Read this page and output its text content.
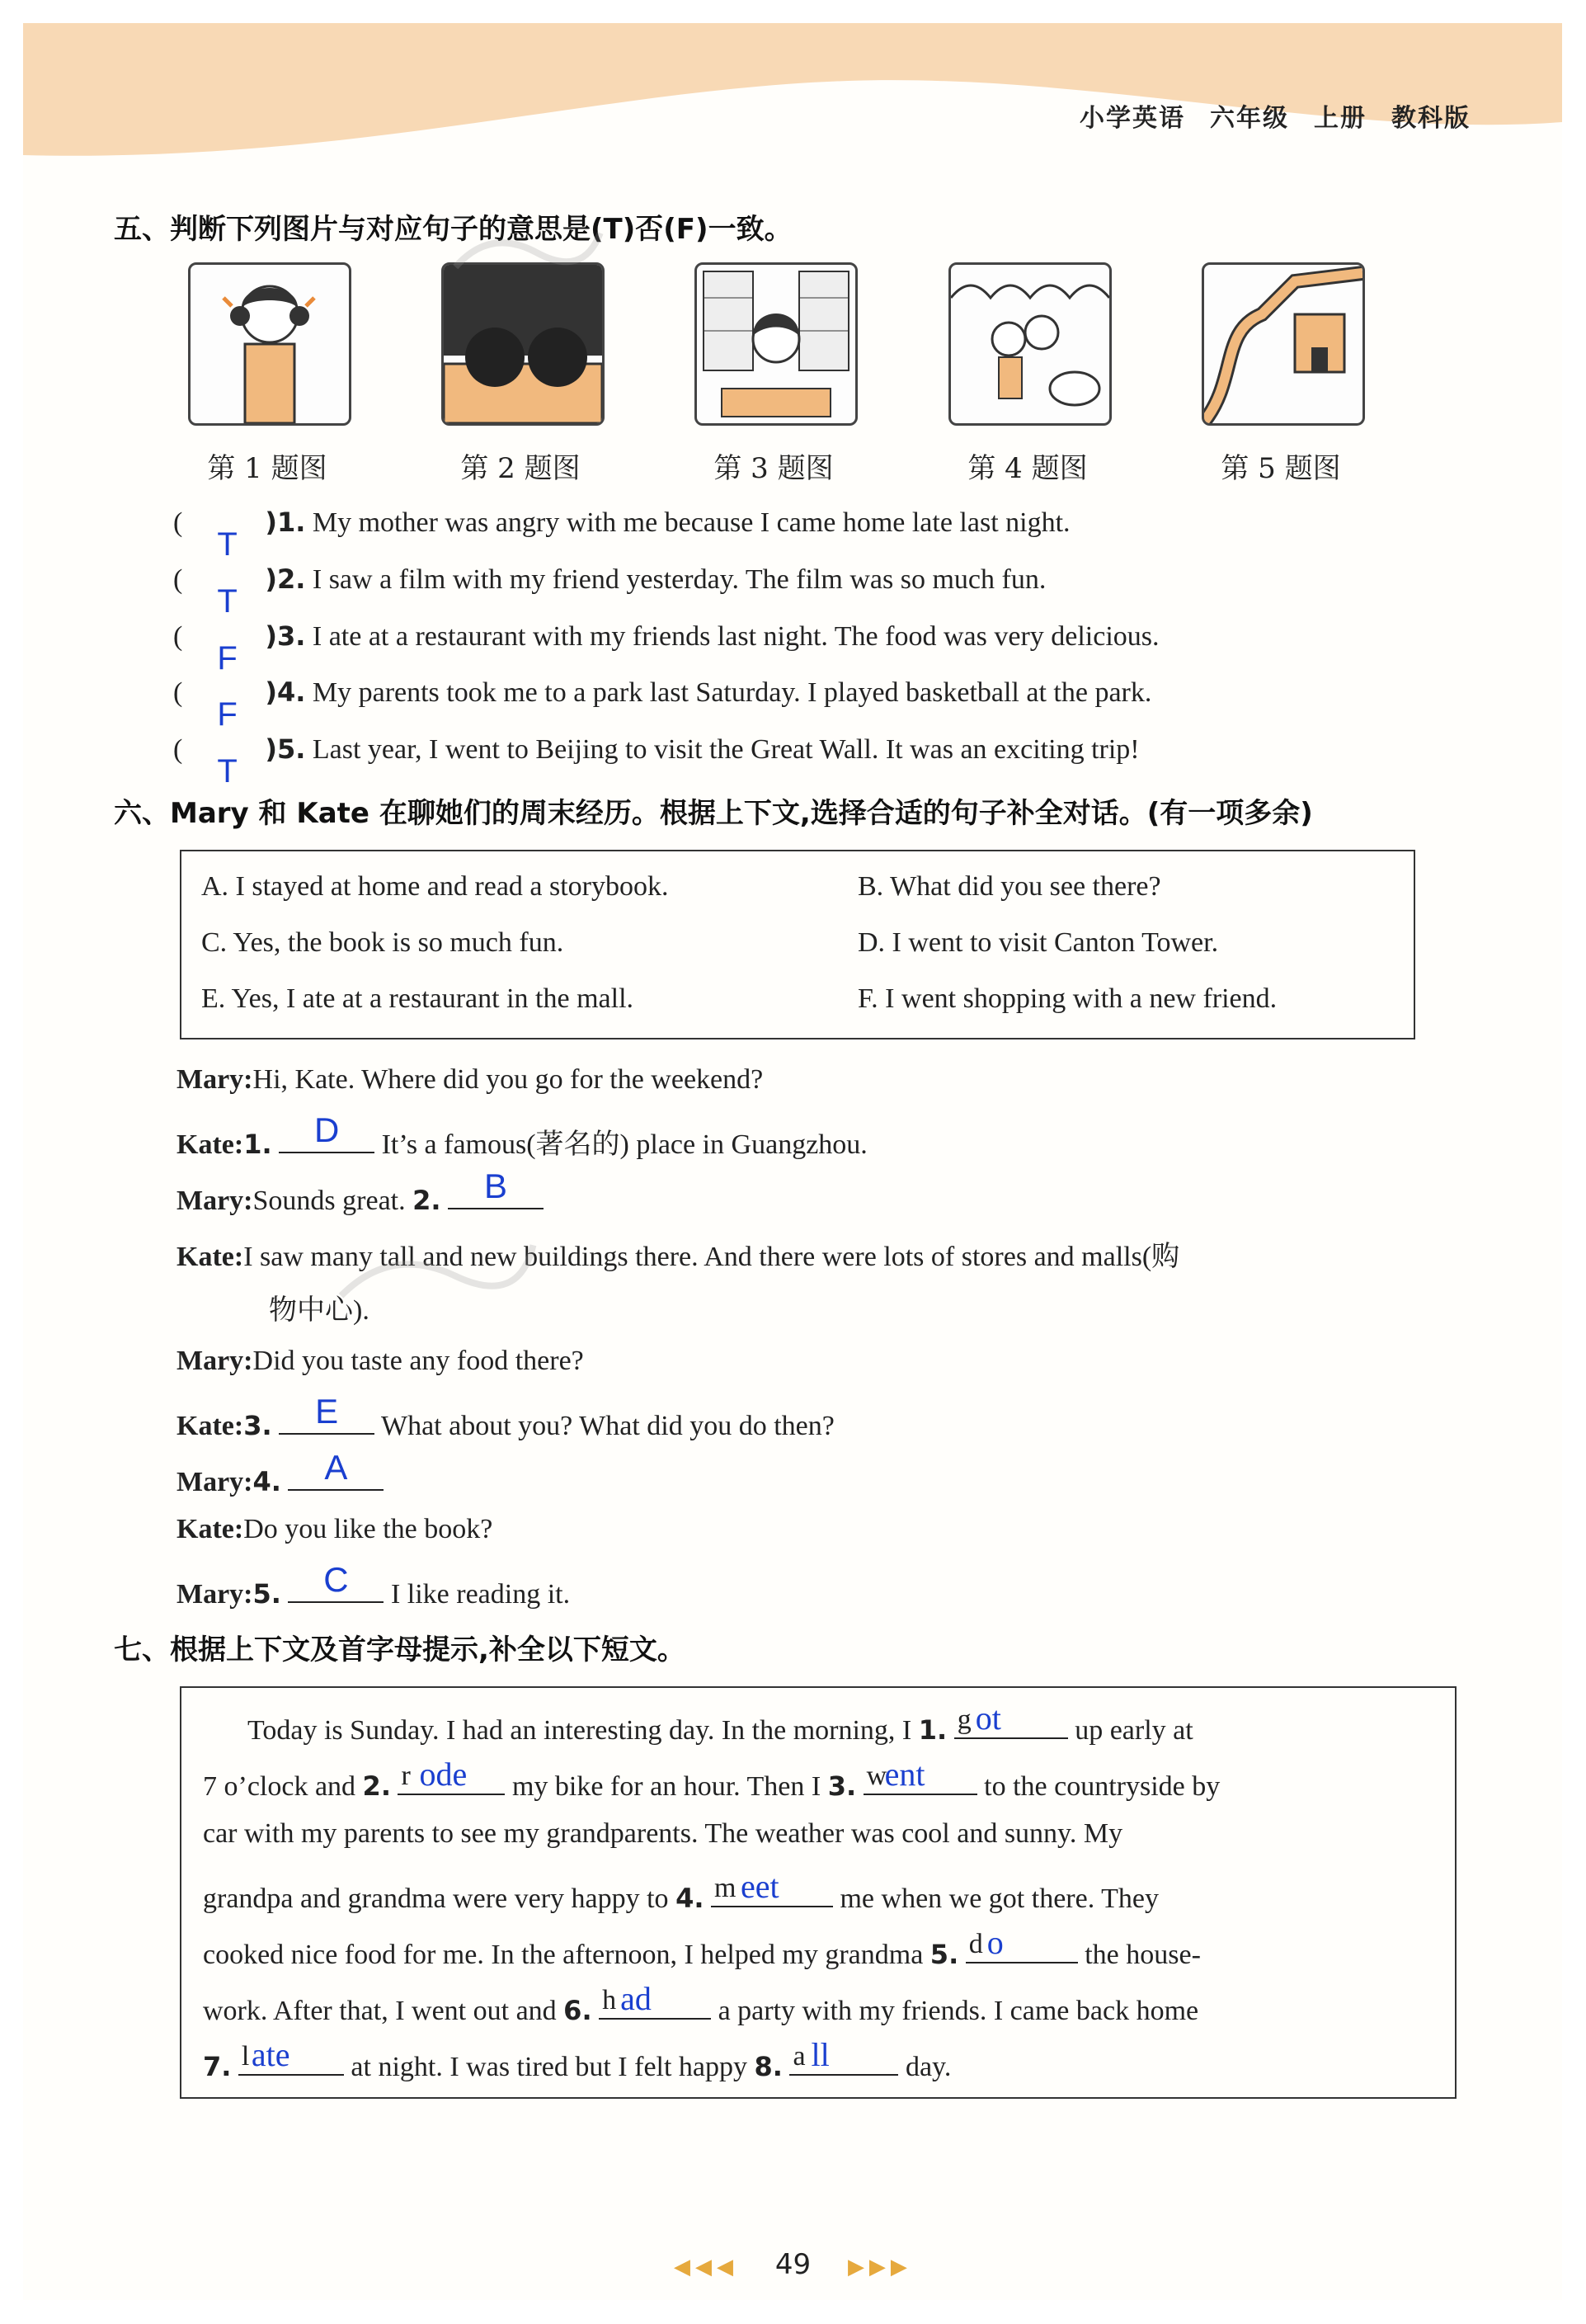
小学英语 六年级 上册 教科版
五、判断下列图片与对应句子的意思是(T)否(F)一致。
第 1 题图	第 2 题图	第 3 题图	第 4 题图	第 5 题图
(
T
)1. My mother was angry with me because I came home late last night.
(
T
)2. I saw a film with my friend yesterday. The film was so much fun.
(
F
)3. I ate at a restaurant with my friends last night. The food was very delicious.
(
F
)4. My parents took me to a park last Saturday. I played basketball at the park.
(
T
)5. Last year, I went to Beijing to visit the Great Wall. It was an exciting trip!
六、Mary 和 Kate 在聊她们的周末经历。根据上下文,选择合适的句子补全对话。(有一项多余)
A. I stayed at home and read a storybook.	B. What did you see there?
C. Yes, the book is so much fun.	D. I went to visit Canton Tower.
E. Yes, I ate at a restaurant in the mall.	F. I went shopping with a new friend.
Mary:Hi, Kate. Where did you go for the weekend?
Kate:1.	D	It’s a famous(著名的) place in Guangzhou.
Mary:Sounds great. 2.	B
Kate:I saw many tall and new buildings there. And there were lots of stores and malls(购
物中心).
Mary:Did you taste any food there?
Kate:3.	E	What about you? What did you do then?
Mary:4.	A
Kate:Do you like the book?
Mary:5.	C	I like reading it.
七、根据上下文及首字母提示,补全以下短文。
Today is Sunday. I had an interesting day. In the morning, I 1. g ot	up early at
7 o’clock and 2. r ode my bike for an hour. Then I 3. w
ent to the countryside by
car with my parents to see my grandparents. The weather was cool and sunny. My
grandpa and grandma were very happy to 4. m eet me when we got there. They
cooked nice food for me. In the afternoon, I helped my grandma 5. d o	the house-
work. After that, I went out and 6. h ad a party with my friends. I came back home
7. l ate at night. I was tired but I felt happy 8. a ll	day.
◀◀◀ 49 ▶▶▶
